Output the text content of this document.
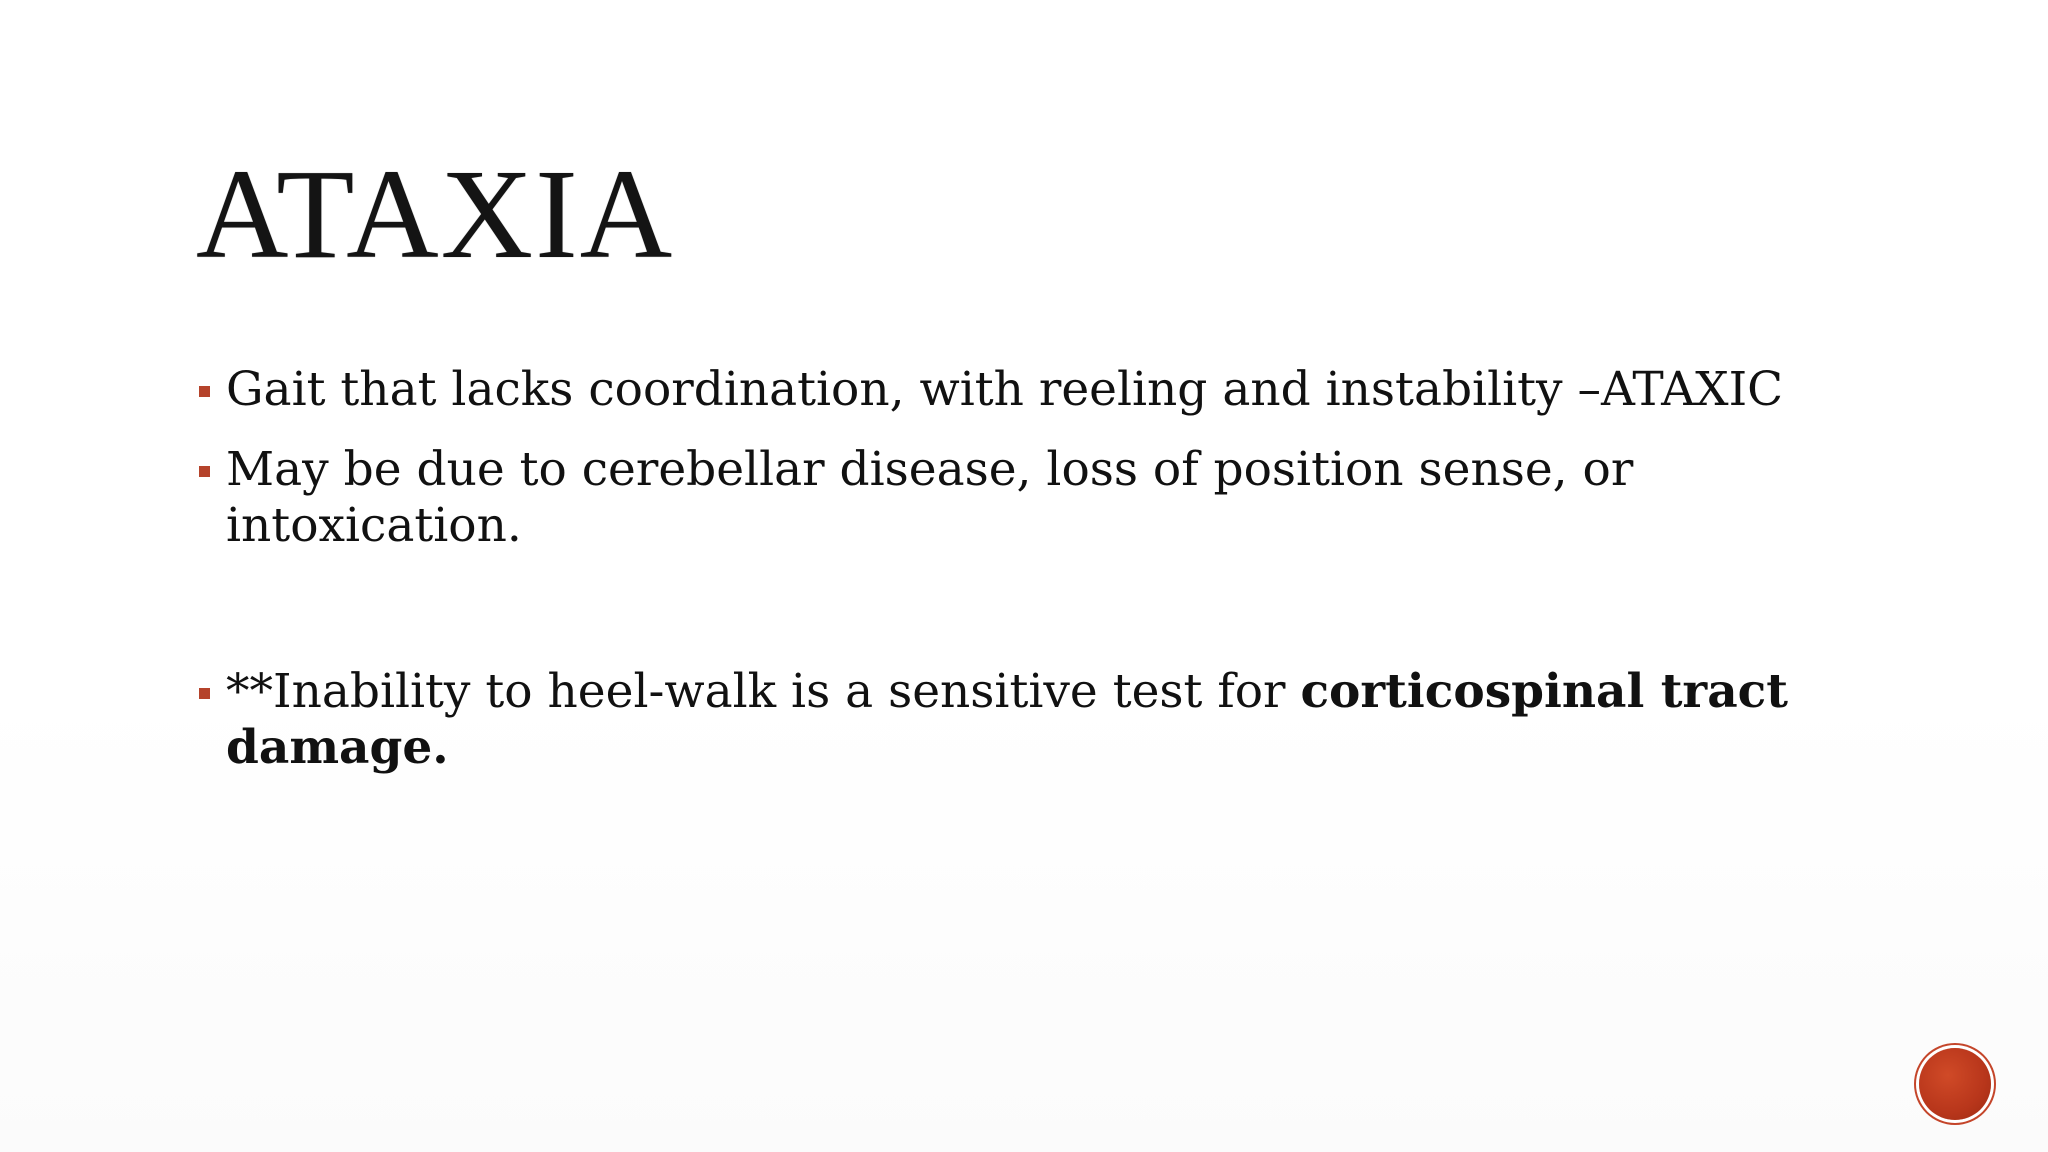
ATAXIA
Gait that lacks coordination, with reeling and instability –ATAXIC
May be due to cerebellar disease, loss of position sense, or intoxication.
**Inability to heel-walk is a sensitive test for corticospinal tract damage.
